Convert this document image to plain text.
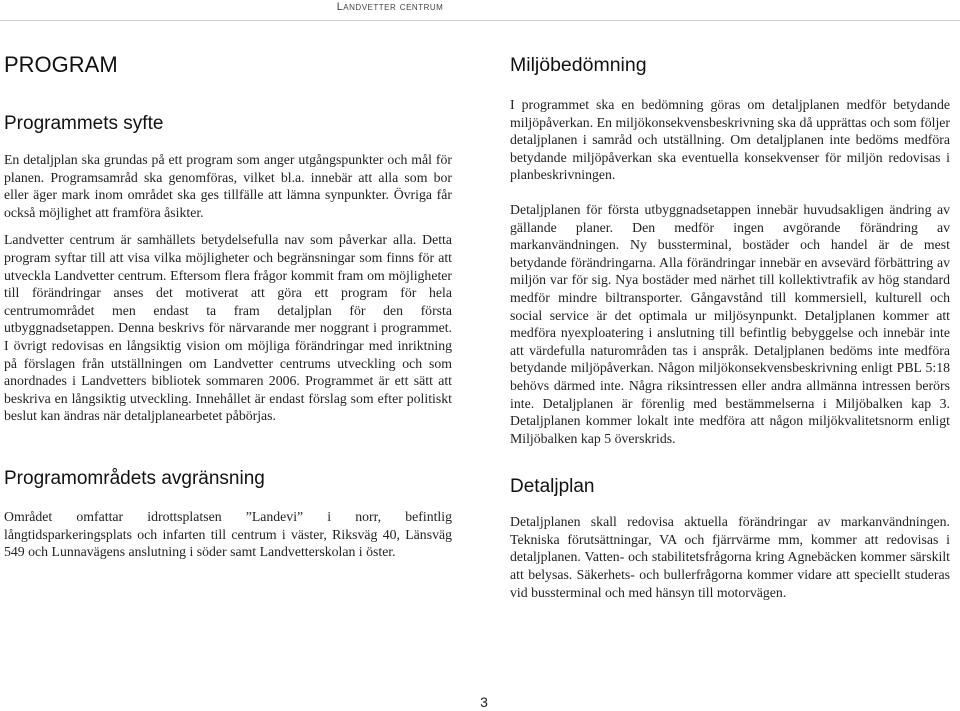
Landvetter centrum
PROGRAM
Programmets syfte

En detaljplan ska grundas på ett program som anger utgångspunkter och mål för planen. Programsamråd ska genomföras, vilket bl.a. innebär att alla som bor eller äger mark inom området ska ges tillfälle att lämna synpunkter. Övriga får också möjlighet att framföra åsikter.

Landvetter centrum är samhällets betydelsefulla nav som påverkar alla. Detta program syftar till att visa vilka möjligheter och begränsningar som finns för att utveckla Landvetter centrum. Eftersom flera frågor kommit fram om möjligheter till förändringar anses det motiverat att göra ett program för hela centrumområdet men endast ta fram detaljplan för den första utbyggnadsetappen. Denna beskrivs för närvarande mer noggrant i programmet. I övrigt redovisas en långsiktig vision om möjliga förändringar med inriktning på förslagen från utställningen om Landvetter centrums utveckling och som anordnades i Landvetters bibliotek sommaren 2006. Programmet är ett sätt att beskriva en långsiktig utveckling. Innehållet är endast förslag som efter politiskt beslut kan ändras när detaljplanearbetet påbörjas.

Programområdets avgränsning

Området omfattar idrottsplatsen ”Landevi” i norr, befintlig långtidsparkeringsplats och infarten till centrum i väster, Riksväg 40, Länsväg 549 och Lunnavägens anslutning i söder samt Landvetterskolan i öster.

Miljöbedömning

I programmet ska en bedömning göras om detaljplanen medför betydande miljöpåverkan. En miljökonsekvensbeskrivning ska då upprättas och som följer detaljplanen i samråd och utställning. Om detaljplanen inte bedöms medföra betydande miljöpåverkan ska eventuella konsekvenser för miljön redovisas i planbeskrivningen.

Detaljplanen för första utbyggnadsetappen innebär huvudsakligen ändring av gällande planer. Den medför ingen avgörande förändring av markanvändningen. Ny bussterminal, bostäder och handel är de mest betydande förändringarna. Alla förändringar innebär en avsevärd förbättring av miljön var för sig. Nya bostäder med närhet till kollektivtrafik av hög standard medför mindre biltransporter. Gångavstånd till kommersiell, kulturell och social service är det optimala ur miljösynpunkt. Detaljplanen kommer att medföra nyexploatering i anslutning till befintlig bebyggelse och innebär inte att värdefulla naturområden tas i anspråk. Detaljplanen bedöms inte medföra betydande miljöpåverkan. Någon miljökonsekvensbeskrivning enligt PBL 5:18 behövs därmed inte. Några riksintressen eller andra allmänna intressen berörs inte. Detaljplanen är förenlig med bestämmelserna i Miljöbalken kap 3. Detaljplanen kommer lokalt inte medföra att någon miljökvalitetsnorm enligt Miljöbalken kap 5 överskrids.

Detaljplan

Detaljplanen skall redovisa aktuella förändringar av markanvändningen. Tekniska förutsättningar, VA och fjärrvärme mm, kommer att redovisas i detaljplanen. Vatten- och stabilitetsfrågorna kring Agnebäcken kommer särskilt att belysas. Säkerhets- och bullerfrågorna kommer vidare att speciellt studeras vid bussterminal och med hänsyn till motorvägen.

3
